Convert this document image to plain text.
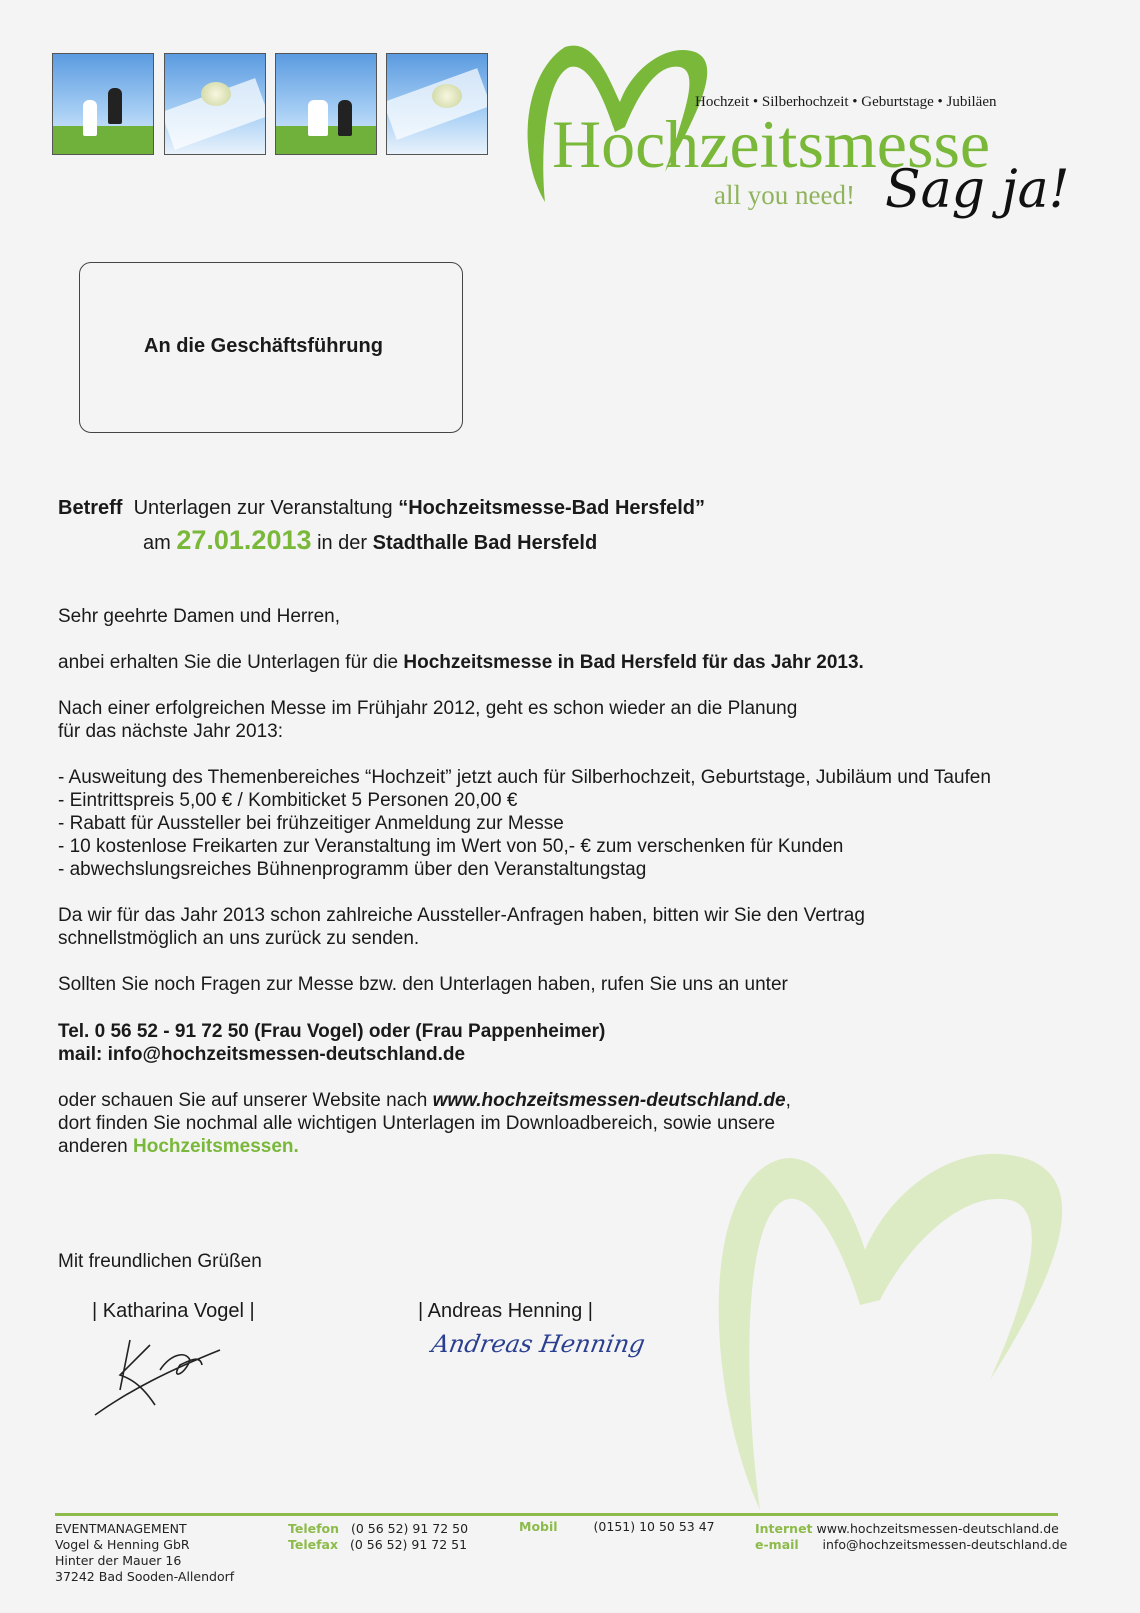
Hochzeit • Silberhochzeit • Geburtstage • Jubiläen
Hochzeitsmesse
all you need! Sag ja!
An die Geschäftsführung
Betreff Unterlagen zur Veranstaltung “Hochzeitsmesse-Bad Hersfeld”
am 27.01.2013 in der Stadthalle Bad Hersfeld
Sehr geehrte Damen und Herren,
anbei erhalten Sie die Unterlagen für die Hochzeitsmesse in Bad Hersfeld für das Jahr 2013.
Nach einer erfolgreichen Messe im Frühjahr 2012, geht es schon wieder an die Planung
für das nächste Jahr 2013:
- Ausweitung des Themenbereiches “Hochzeit” jetzt auch für Silberhochzeit, Geburtstage, Jubiläum und Taufen
- Eintrittspreis 5,00 € / Kombiticket 5 Personen 20,00 €
- Rabatt für Aussteller bei frühzeitiger Anmeldung zur Messe
- 10 kostenlose Freikarten zur Veranstaltung im Wert von 50,- € zum verschenken für Kunden
- abwechslungsreiches Bühnenprogramm über den Veranstaltungstag
Da wir für das Jahr 2013 schon zahlreiche Aussteller-Anfragen haben, bitten wir Sie den Vertrag
schnellstmöglich an uns zurück zu senden.
Sollten Sie noch Fragen zur Messe bzw. den Unterlagen haben, rufen Sie uns an unter
Tel. 0 56 52 - 91 72 50 (Frau Vogel) oder (Frau Pappenheimer)
mail: info@hochzeitsmessen-deutschland.de
oder schauen Sie auf unserer Website nach www.hochzeitsmessen-deutschland.de,
dort finden Sie nochmal alle wichtigen Unterlagen im Downloadbereich, sowie unsere
anderen Hochzeitsmessen.
Mit freundlichen Grüßen
| Katharina Vogel |	| Andreas Henning |
Andreas Henning
EVENTMANAGEMENT
Vogel & Henning GbR
Hinter der Mauer 16
37242 Bad Sooden-Allendorf
Telefon (0 56 52) 91 72 50
Telefax (0 56 52) 91 72 51
Mobil	(0151) 10 50 53 47	Internet www.hochzeitsmessen-deutschland.de
e-mail info@hochzeitsmessen-deutschland.de
